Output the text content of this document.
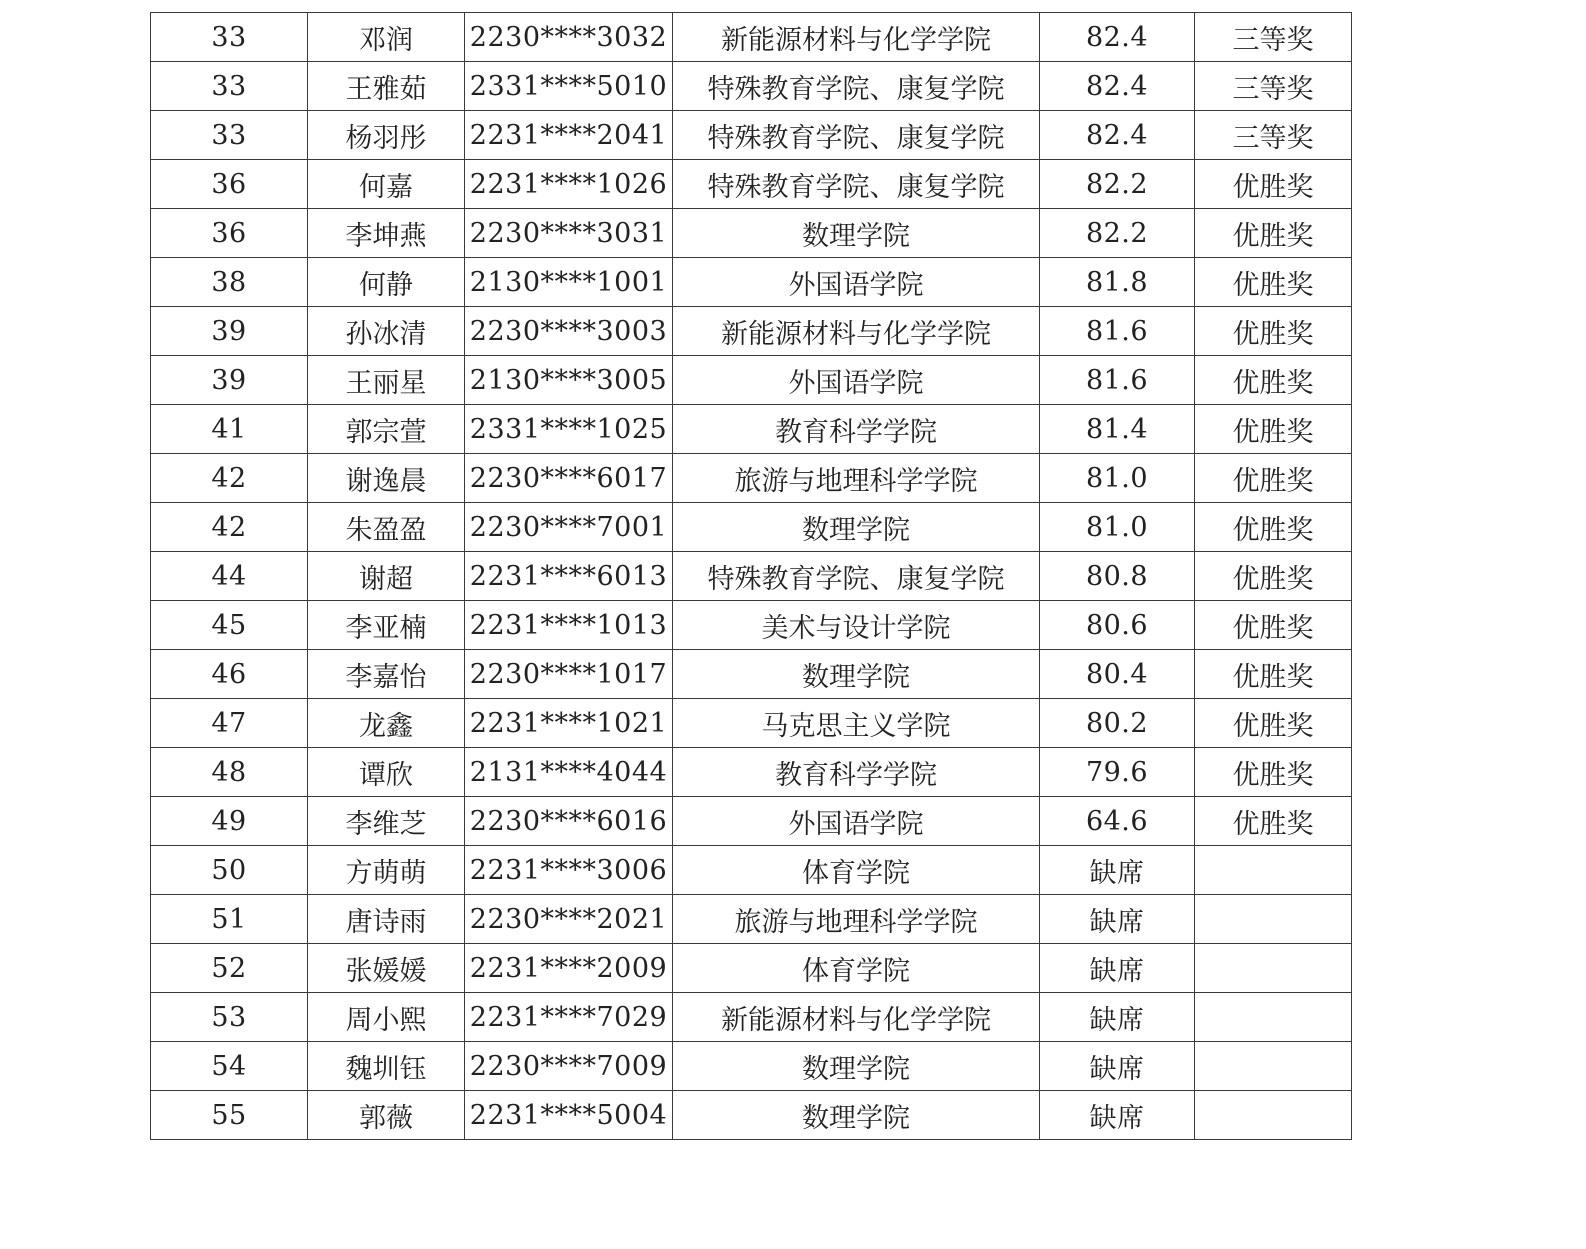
33	邓润	2230****3032	新能源材料与化学学院	82.4	三等奖
33	王雅茹	2331****5010	特殊教育学院、康复学院	82.4	三等奖
33	杨羽彤	2231****2041	特殊教育学院、康复学院	82.4	三等奖
36	何嘉	2231****1026	特殊教育学院、康复学院	82.2	优胜奖
36	李坤燕	2230****3031	数理学院	82.2	优胜奖
38	何静	2130****1001	外国语学院	81.8	优胜奖
39	孙冰清	2230****3003	新能源材料与化学学院	81.6	优胜奖
39	王丽星	2130****3005	外国语学院	81.6	优胜奖
41	郭宗萱	2331****1025	教育科学学院	81.4	优胜奖
42	谢逸晨	2230****6017	旅游与地理科学学院	81.0	优胜奖
42	朱盈盈	2230****7001	数理学院	81.0	优胜奖
44	谢超	2231****6013	特殊教育学院、康复学院	80.8	优胜奖
45	李亚楠	2231****1013	美术与设计学院	80.6	优胜奖
46	李嘉怡	2230****1017	数理学院	80.4	优胜奖
47	龙鑫	2231****1021	马克思主义学院	80.2	优胜奖
48	谭欣	2131****4044	教育科学学院	79.6	优胜奖
49	李维芝	2230****6016	外国语学院	64.6	优胜奖
50	方萌萌	2231****3006	体育学院	缺席	
51	唐诗雨	2230****2021	旅游与地理科学学院	缺席	
52	张媛媛	2231****2009	体育学院	缺席	
53	周小熙	2231****7029	新能源材料与化学学院	缺席	
54	魏圳钰	2230****7009	数理学院	缺席	
55	郭薇	2231****5004	数理学院	缺席	
